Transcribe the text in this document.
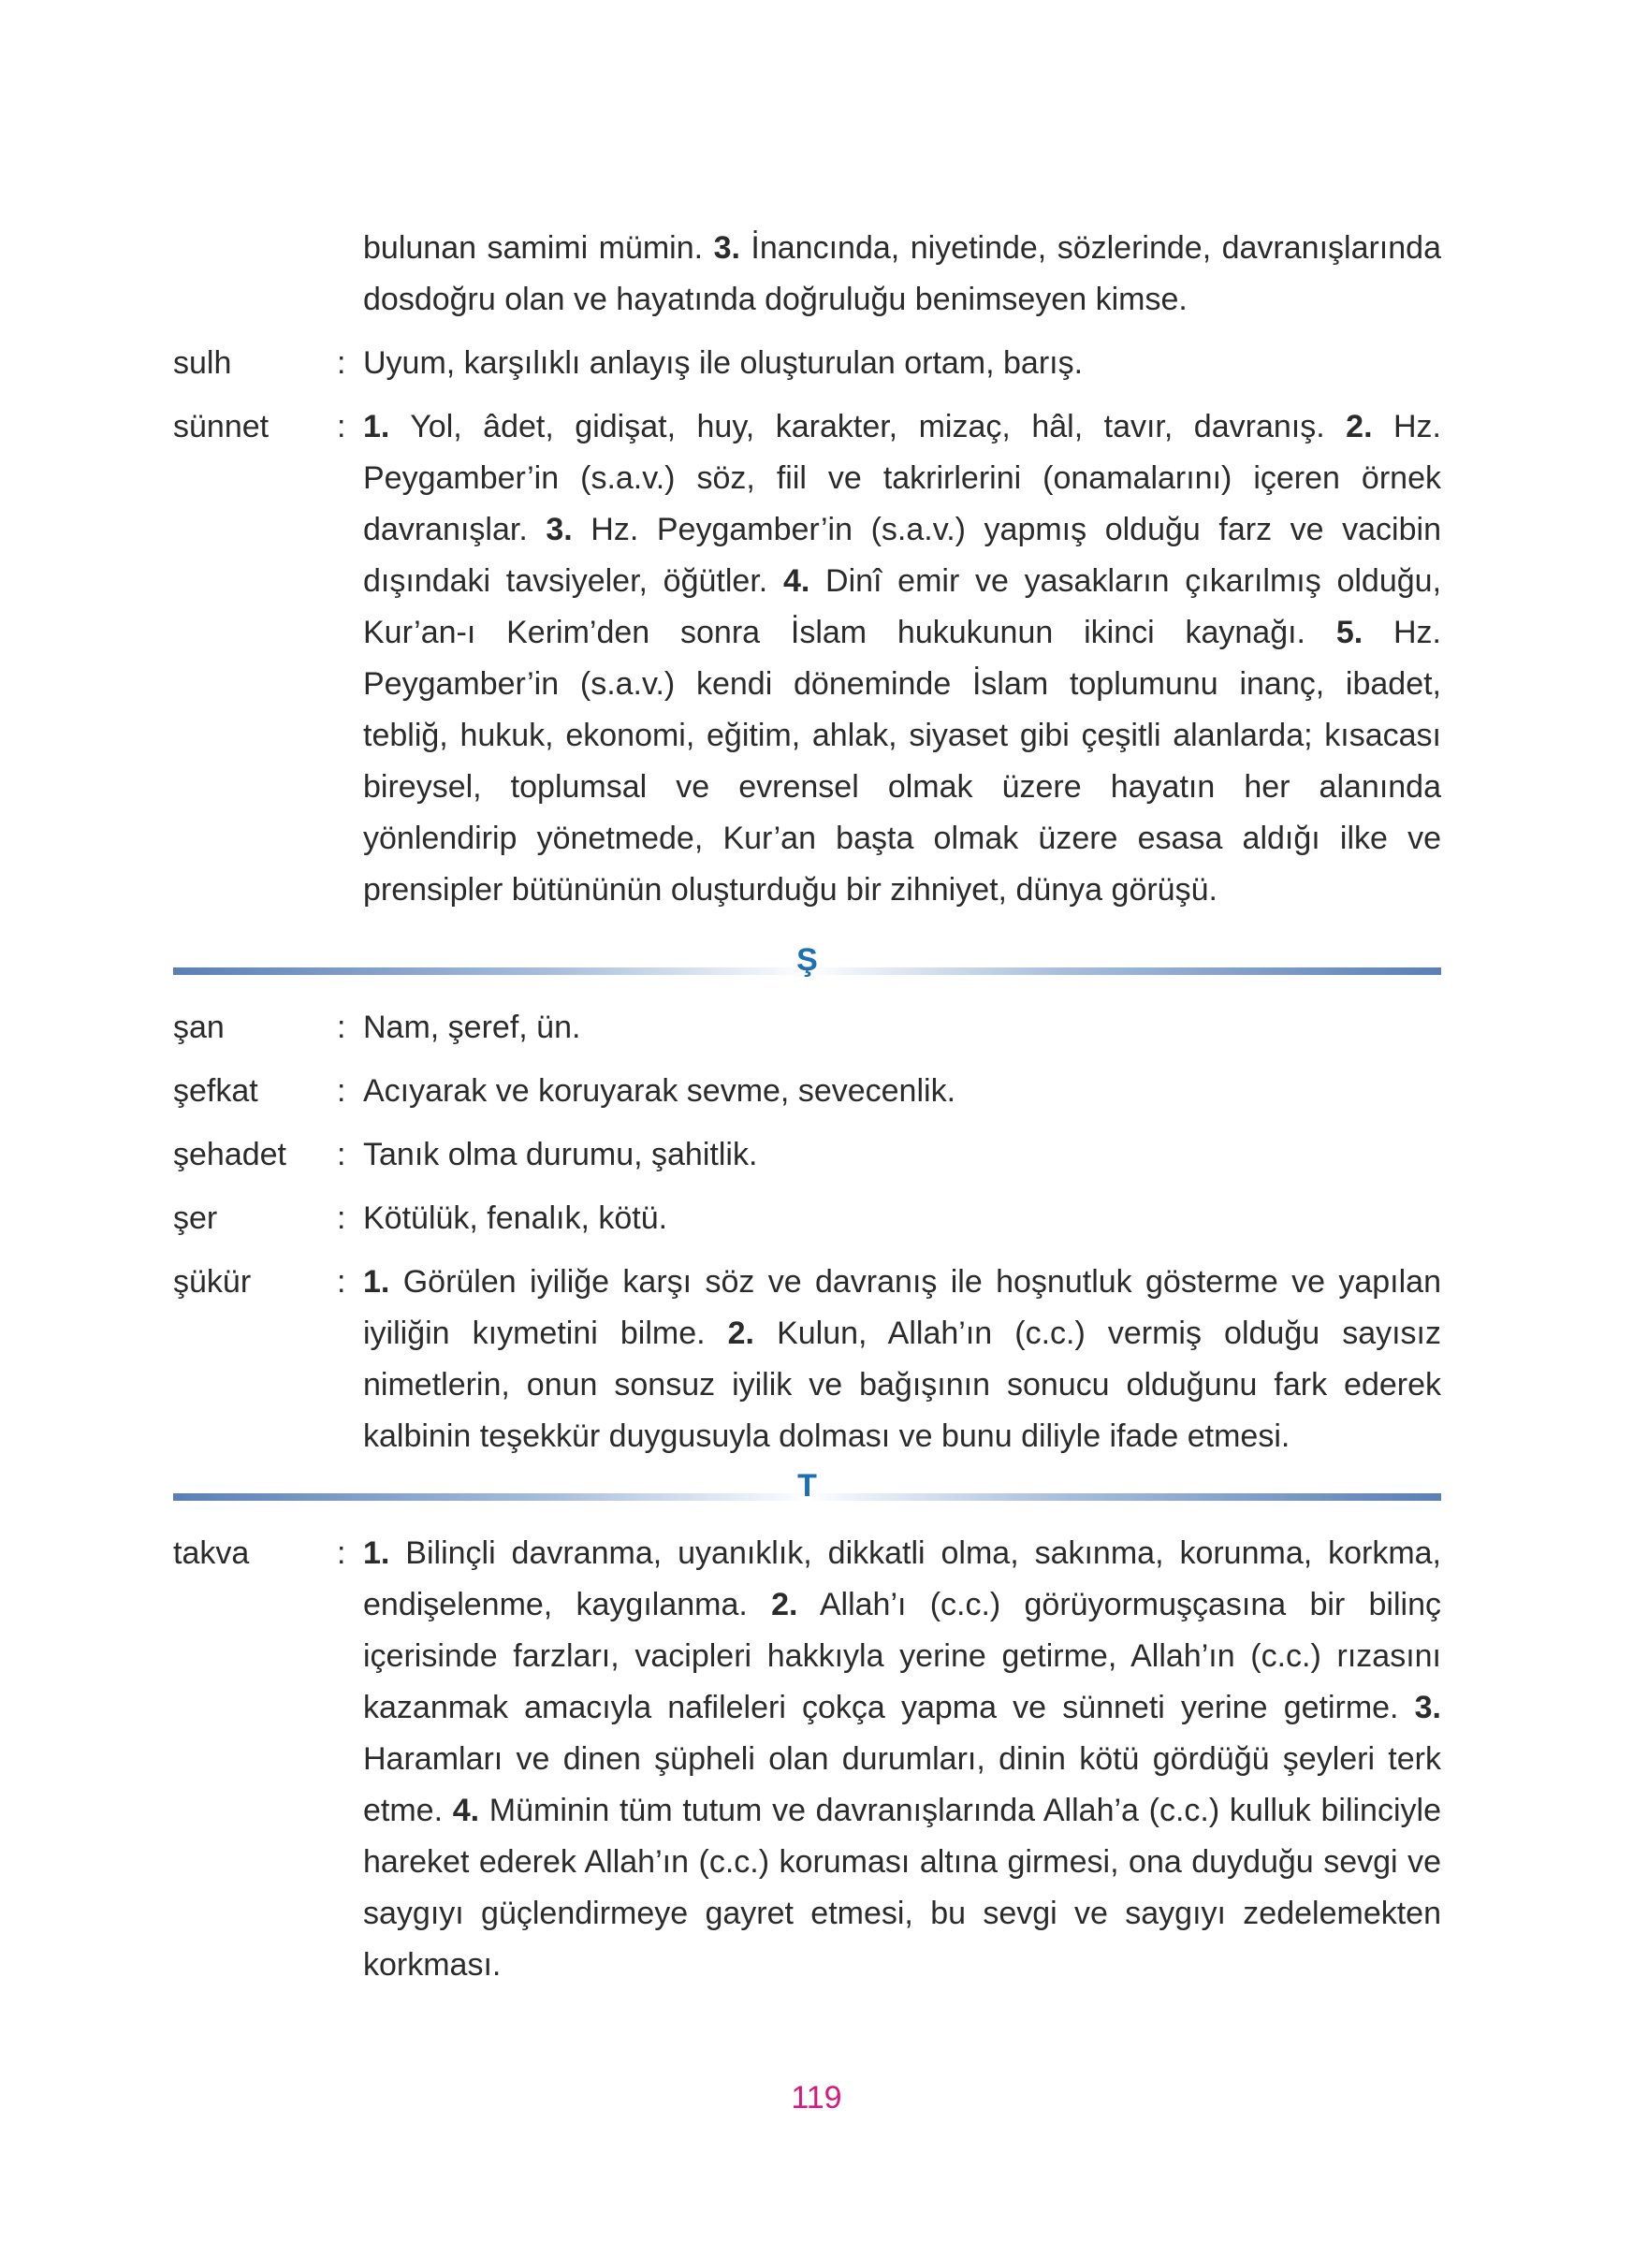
bulunan samimi mümin. 3. İnancında, niyetinde, sözlerinde, davranışlarında dosdoğru olan ve hayatında doğruluğu benimseyen kimse.
sulh	: Uyum, karşılıklı anlayış ile oluşturulan ortam, barış.
sünnet	: 1. Yol, âdet, gidişat, huy, karakter, mizaç, hâl, tavır, davranış. 2. Hz. Peygamber’in (s.a.v.) söz, fiil ve takrirlerini (onamalarını) içeren örnek davranışlar. 3. Hz. Peygamber’in (s.a.v.) yapmış olduğu farz ve vacibin dışındaki tavsiyeler, öğütler. 4. Dinî emir ve yasakların çıkarılmış olduğu, Kur’an-ı Kerim’den sonra İslam hukukunun ikinci kaynağı. 5. Hz. Peygamber’in (s.a.v.) kendi döneminde İslam toplumunu inanç, ibadet, tebliğ, hukuk, ekonomi, eğitim, ahlak, siyaset gibi çeşitli alanlarda; kısacası bireysel, toplumsal ve evrensel olmak üzere hayatın her alanında yönlendirip yönetmede, Kur’an başta olmak üzere esasa aldığı ilke ve prensipler bütününün oluşturduğu bir zihniyet, dünya görüşü.
Ş
şan	: Nam, şeref, ün.
şefkat	: Acıyarak ve koruyarak sevme, sevecenlik.
şehadet	: Tanık olma durumu, şahitlik.
şer	: Kötülük, fenalık, kötü.
şükür	: 1. Görülen iyiliğe karşı söz ve davranış ile hoşnutluk gösterme ve yapılan iyiliğin kıymetini bilme. 2. Kulun, Allah’ın (c.c.) vermiş olduğu sayısız nimetlerin, onun sonsuz iyilik ve bağışının sonucu olduğunu fark ederek kalbinin teşekkür duygusuyla dolması ve bunu diliyle ifade etmesi.
T
takva	: 1. Bilinçli davranma, uyanıklık, dikkatli olma, sakınma, korunma, korkma, endişelenme, kaygılanma. 2. Allah’ı (c.c.) görüyormuşçasına bir bilinç içerisinde farzları, vacipleri hakkıyla yerine getirme, Allah’ın (c.c.) rızasını kazanmak amacıyla nafileleri çokça yapma ve sünneti yerine getirme. 3. Haramları ve dinen şüpheli olan durumları, dinin kötü gördüğü şeyleri terk etme. 4. Müminin tüm tutum ve davranışlarında Allah’a (c.c.) kulluk bilinciyle hareket ederek Allah’ın (c.c.) koruması altına girmesi, ona duyduğu sevgi ve saygıyı güçlendirmeye gayret etmesi, bu sevgi ve saygıyı zedelemekten korkması.
119
